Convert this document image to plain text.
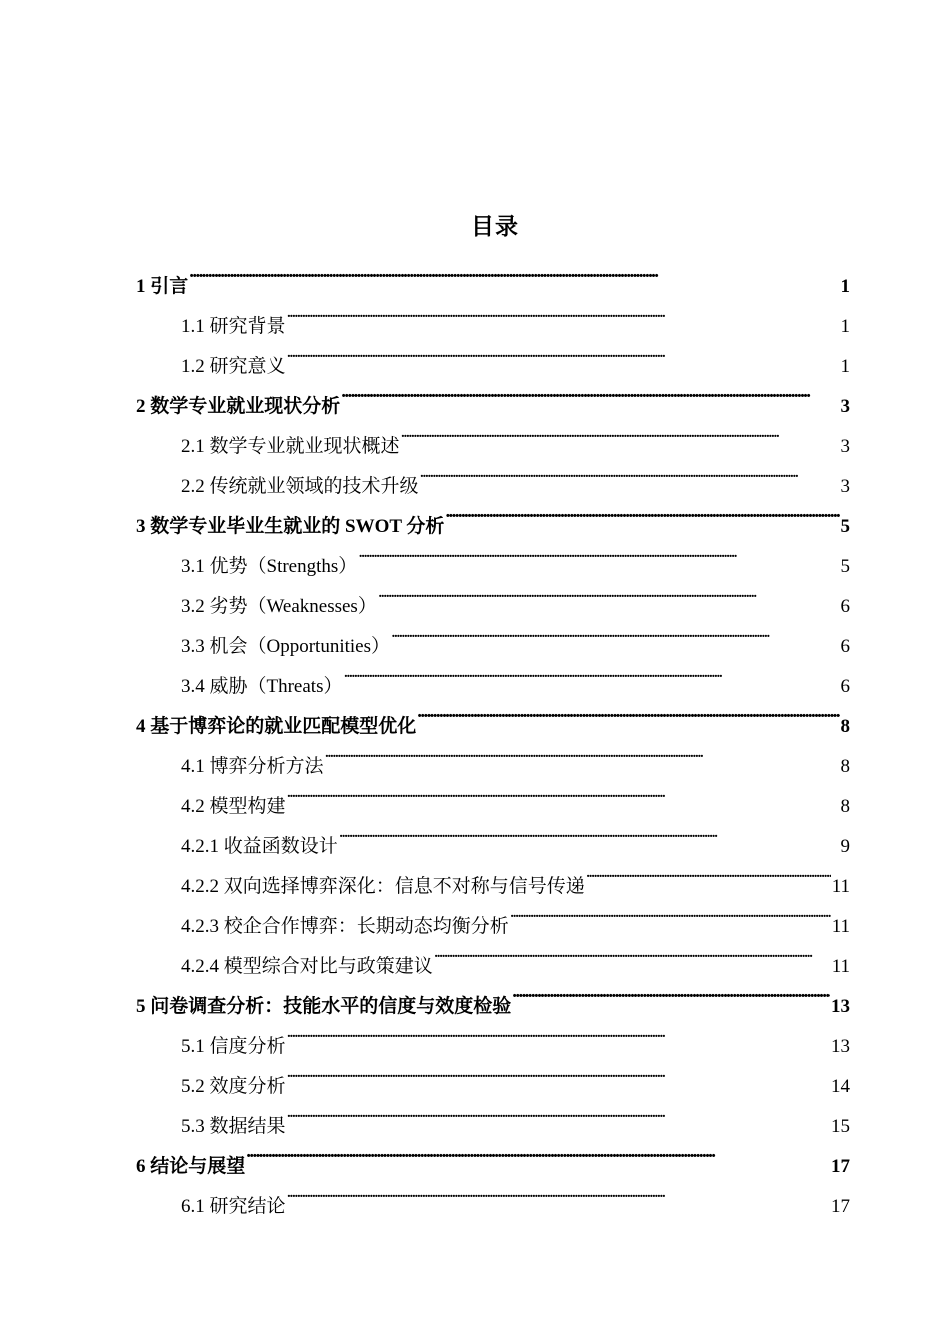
目录
1 引言 . . .	1
1.1 研究背景 . . .	1
1.2 研究意义 . . .	1
2 数学专业就业现状分析 . . .	3
2.1 数学专业就业现状概述 . . .	3
2.2 传统就业领域的技术升级 . . .	3
3 数学专业毕业生就业的 SWOT 分析 . . .	5
3.1 优势（Strengths） . . .	5
3.2 劣势（Weaknesses） . . .	6
3.3 机会（Opportunities） . . .	6
3.4 威胁（Threats） . . .	6
4 基于博弈论的就业匹配模型优化 . . .	8
4.1 博弈分析方法 . . .	8
4.2 模型构建 . . .	8
4.2.1 收益函数设计 . . .	9
4.2.2 双向选择博弈深化：信息不对称与信号传递 . . .	11
4.2.3 校企合作博弈：长期动态均衡分析 . . .	11
4.2.4 模型综合对比与政策建议 . . .	11
5 问卷调查分析：技能水平的信度与效度检验 . . .	13
5.1 信度分析 . . .	13
5.2 效度分析 . . .	14
5.3 数据结果 . . .	15
6 结论与展望 . . .	17
6.1 研究结论 . . .	17
